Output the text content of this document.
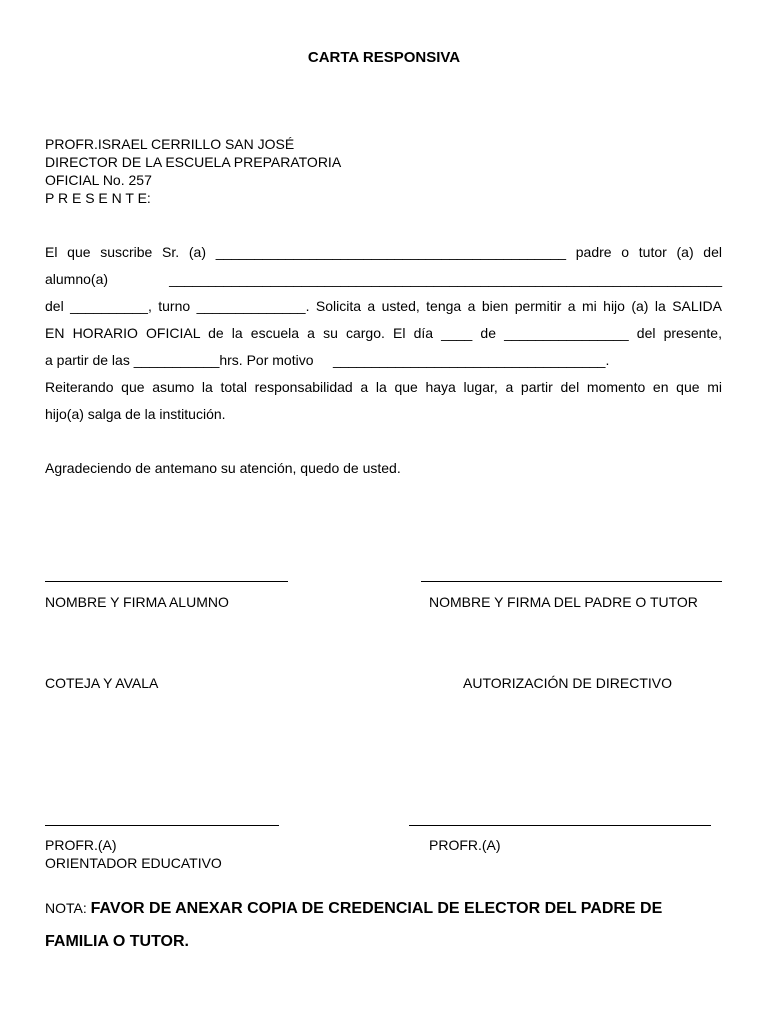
CARTA RESPONSIVA
PROFR.ISRAEL CERRILLO SAN JOSÉ
DIRECTOR DE LA ESCUELA PREPARATORIA
OFICIAL No. 257
P R E S E N T E:
El que suscribe Sr. (a) _____________________________________________ padre o tutor (a) del
alumno(a) _______________________________________________________________________
del __________, turno ______________. Solicita a usted, tenga a bien permitir a mi hijo (a) la SALIDA
EN HORARIO OFICIAL de la escuela a su cargo. El día ____ de ________________ del presente,
a partir de las ___________hrs. Por motivo     ___________________________________.
Reiterando que asumo la total responsabilidad a la que haya lugar, a partir del momento en que mi
hijo(a) salga de la institución.
Agradeciendo de antemano su atención, quedo de usted.
NOMBRE Y FIRMA ALUMNO	NOMBRE Y FIRMA DEL PADRE O TUTOR
COTEJA Y AVALA	AUTORIZACIÓN DE DIRECTIVO
PROFR.(A)
ORIENTADOR EDUCATIVO
PROFR.(A)
NOTA: FAVOR DE ANEXAR COPIA DE CREDENCIAL DE ELECTOR DEL PADRE DE FAMILIA O TUTOR.
